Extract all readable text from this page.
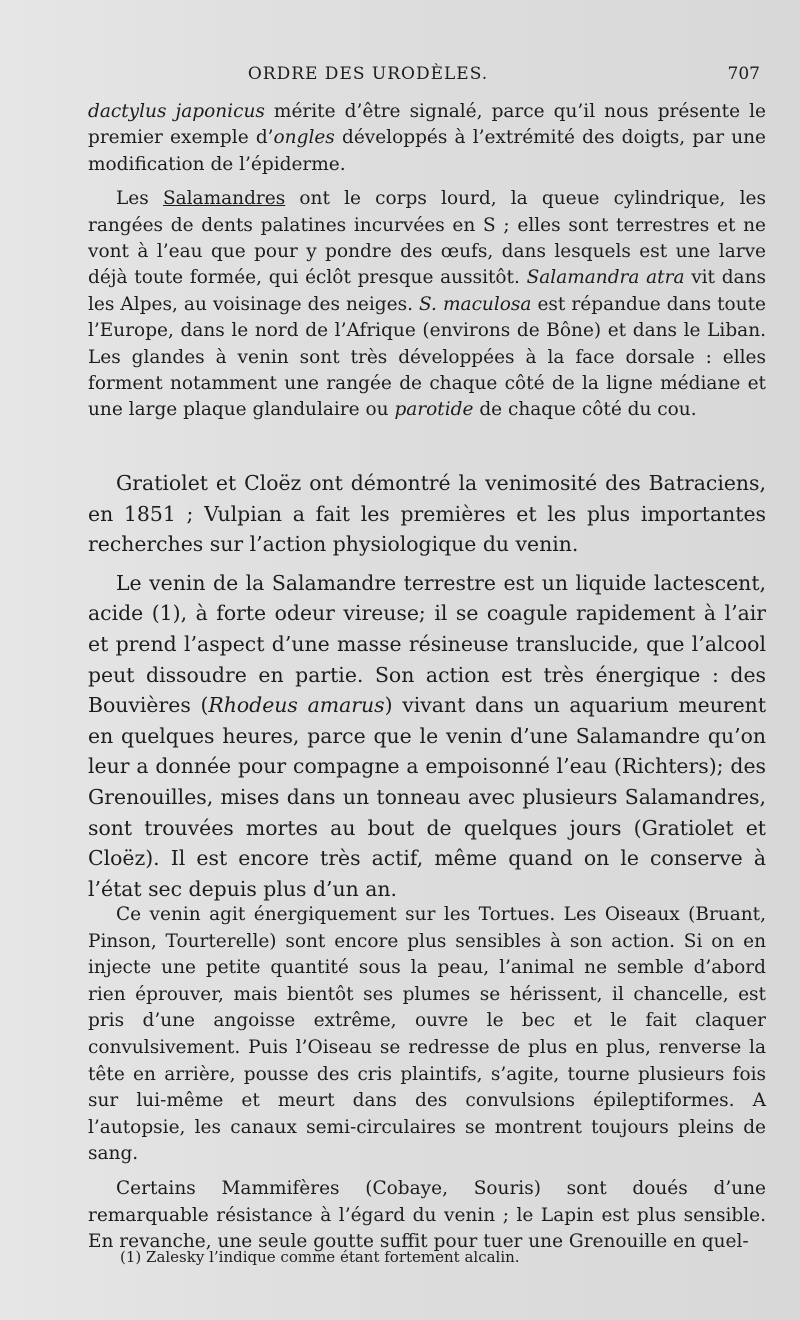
ORDRE DES URODÈLES.	707

dactylus japonicus mérite d’être signalé, parce qu’il nous présente le premier exemple d’ongles développés à l’extrémité des doigts, par une modification de l’épiderme.

Les Salamandres ont le corps lourd, la queue cylindrique, les rangées de dents palatines incurvées en S ; elles sont terrestres et ne vont à l’eau que pour y pondre des œufs, dans lesquels est une larve déjà toute formée, qui éclôt presque aussitôt. Salamandra atra vit dans les Alpes, au voisinage des neiges. S. maculosa est répandue dans toute l’Europe, dans le nord de l’Afrique (environs de Bône) et dans le Liban. Les glandes à venin sont très développées à la face dorsale : elles forment notamment une rangée de chaque côté de la ligne médiane et une large plaque glandulaire ou parotide de chaque côté du cou.

Gratiolet et Cloëz ont démontré la venimosité des Batraciens, en 1851 ; Vulpian a fait les premières et les plus importantes recherches sur l’action physiologique du venin.

Le venin de la Salamandre terrestre est un liquide lactescent, acide (1), à forte odeur vireuse; il se coagule rapidement à l’air et prend l’aspect d’une masse résineuse translucide, que l’alcool peut dissoudre en partie. Son action est très énergique : des Bouvières (Rhodeus amarus) vivant dans un aquarium meurent en quelques heures, parce que le venin d’une Salamandre qu’on leur a donnée pour compagne a empoisonné l’eau (Richters); des Grenouilles, mises dans un tonneau avec plusieurs Salamandres, sont trouvées mortes au bout de quelques jours (Gratiolet et Cloëz). Il est encore très actif, même quand on le conserve à l’état sec depuis plus d’un an.

Ce venin agit énergiquement sur les Tortues. Les Oiseaux (Bruant, Pinson, Tourterelle) sont encore plus sensibles à son action. Si on en injecte une petite quantité sous la peau, l’animal ne semble d’abord rien éprouver, mais bientôt ses plumes se hérissent, il chancelle, est pris d’une angoisse extrême, ouvre le bec et le fait claquer convulsivement. Puis l’Oiseau se redresse de plus en plus, renverse la tête en arrière, pousse des cris plaintifs, s’agite, tourne plusieurs fois sur lui-même et meurt dans des convulsions épileptiformes. A l’autopsie, les canaux semi-circulaires se montrent toujours pleins de sang.

Certains Mammifères (Cobaye, Souris) sont doués d’une remarquable résistance à l’égard du venin ; le Lapin est plus sensible. En revanche, une seule goutte suffit pour tuer une Grenouille en quel-

(1) Zalesky l’indique comme étant fortement alcalin.
